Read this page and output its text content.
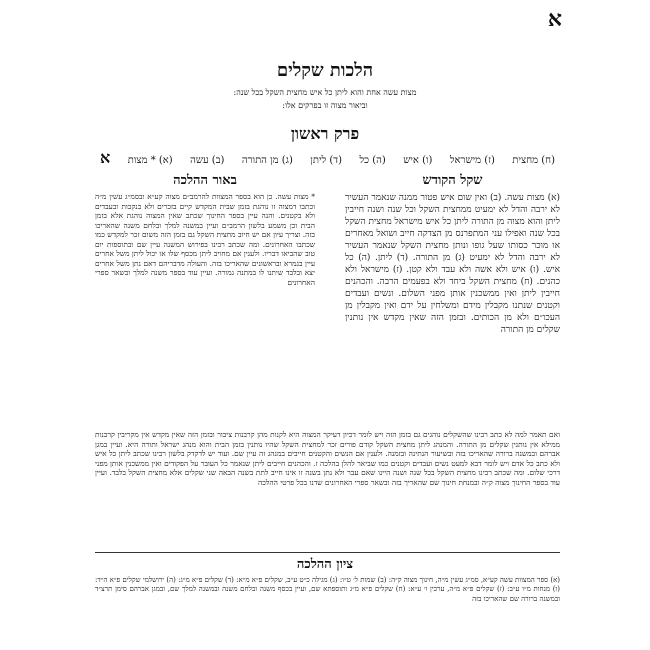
א
הלכות שקלים
מצות עשה אחת והוא ליתן כל איש מחצית השקל בכל שנה:
וביאור מצוה זו בפרקים אלו:
פרק ראשון
א (א) * מצות (ב) עשה (ג) מן התורה (ד) ליתן (ה) כל (ו) איש (ז) מישראל (ח) מחצית
שקל הקודש
באור ההלכה
(א) מצות עשה. (ב) ואין שום איש פטור ממנה שנאמר העשיר לא ירבה והדל לא ימעיט ממחצית השקל וכל שנה ושנה חייבין ליתן והוא מצוה מן התורה ליתן כל איש מישראל מחצית השקל בכל שנה ואפילו עני המתפרנס מן הצדקה חייב ושואל מאחרים או מוכר כסותו שעל גופו ונותן מחצית השקל שנאמר העשיר לא ירבה והדל לא ימעיט (ג) מן התורה. (ד) ליתן. (ה) כל איש. (ו) איש ולא אשה ולא עבד ולא קטן. (ז) מישראל ולא כהנים. (ח) מחצית השקל ביחד ולא בפעמים הרבה. והכהנים חייבין ליתן ואין ממשכנין אותן מפני השלום. ונשים ועבדים וקטנים שנתנו מקבלין מידם ומשלחין על ידם ואין מקבלין מן העכו״ם ולא מן הכותים. ובזמן הזה שאין מקדש אין נותנין שקלים מן התורה
* מצות עשה. כן הוא בספר המצוות להרמב״ם מצוה קע״א ובסמ״ג עשין מ״ה וכתבו דמצוה זו נוהגת בזמן שבית המקדש קיים בזכרים ולא בנקבות ובעבדים ולא בקטנים. והנה עיין בספר החינוך שכתב שאין המצוה נוהגת אלא בזמן הבית וכן משמע בלשון הרמב״ם ועיין במשנה למלך ובלחם משנה שהאריכו בזה. וצריך עיון אם יש חיוב מחצית השקל גם בזמן הזה משום זכר למקדש כמו שכתבו האחרונים. ומה שכתב רבינו בפירוש המשנה עיין שם ובתוספות יום טוב שהביאו דבריו. ולענין אם מחויב ליתן מכסף שלו או יכול ליתן משל אחרים עיין בגמרא ובראשונים שהאריכו בזה. והעולה מדבריהם דאם נתן משל אחרים יצא ובלבד שיתנו לו במתנה גמורה. ועיין עוד בספר משנה למלך ובשאר ספרי האחרונים
ואם תאמר למה לא כתב רבינו שהשקלים נוהגים גם בזמן הזה ויש לומר דכיון דעיקר המצוה היא לקנות מהן קרבנות ציבור ובזמן הזה שאין מקדש אין מקריבין קרבנות ממילא אין נותנין שקלים מן התורה. והמנהג ליתן מחצית השקל קודם פורים זכר למחצית השקל שהיו נותנין בזמן הבית והוא מנהג ישראל ותורה היא. ועיין במגן אברהם ובמשנה ברורה שהאריכו בזה ובשיעור הנתינה ובזמנה. ולענין אם הנשים והקטנים חייבים במנהג זה עיין שם. ועוד יש לדקדק בלשון רבינו שכתב ליתן כל איש ולא כתב כל אדם ויש לומר דבא למעט נשים ועבדים וקטנים כמו שביאר להלן בהלכה ז. והכהנים חייבים ליתן שנאמר כל העובר על הפקודים ואין ממשכנין אותן מפני דרכי שלום. ומה שכתב רבינו מחצית השקל בכל שנה ושנה היינו שאם עבר ולא נתן בשנה זו אינו חייב לתת בשנה הבאה שני שקלים אלא מחצית השקל בלבד. ועיין עוד בספר החינוך מצוה ק״ה ובמנחת חינוך שם שהאריך בזה ובשאר ספרי האחרונים שדנו בכל פרטי ההלכה
ציון ההלכה
(א) ספר המצוות עשה קע״א, סמ״ג עשין מ״ה, חינוך מצוה ק״ה: (ב) שמות ל׳ ט״ו: (ג) מגילה כ״ט ע״ב, שקלים פ״א מ״א: (ד) שקלים פ״א מ״ג: (ה) ירושלמי שקלים פ״א ה״ד: (ו) מנחות מ״ו ע״ב: (ז) שקלים פ״א מ״ה, ערכין ו׳ ע״א: (ח) שקלים פ״א מ״ג ותוספתא שם, ועיין בכסף משנה ובלחם משנה ובמשנה למלך שם, ובמגן אברהם סימן תרצ״ד ובמשנה ברורה שם שהאריכו בזה
